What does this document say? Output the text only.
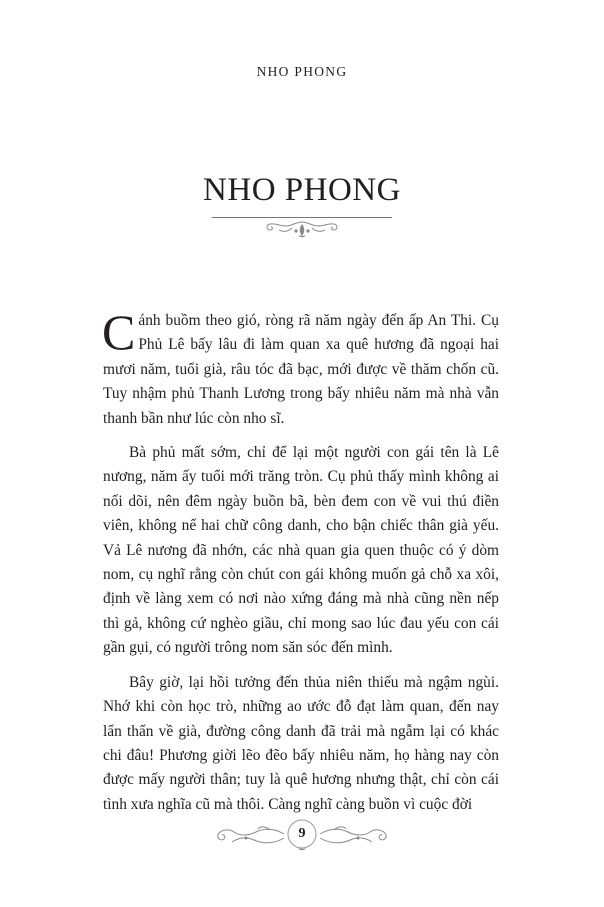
NHO PHONG
NHO PHONG

Cánh buồm theo gió, ròng rã năm ngày đến ấp An Thi. Cụ Phủ Lê bấy lâu đi làm quan xa quê hương đã ngoại hai mươi năm, tuổi già, râu tóc đã bạc, mới được về thăm chốn cũ. Tuy nhậm phủ Thanh Lương trong bấy nhiêu năm mà nhà vẫn thanh bần như lúc còn nho sĩ.

Bà phủ mất sớm, chỉ để lại một người con gái tên là Lê nương, năm ấy tuổi mới trăng tròn. Cụ phủ thấy mình không ai nối dõi, nên đêm ngày buồn bã, bèn đem con về vui thú điền viên, không nể hai chữ công danh, cho bận chiếc thân già yếu. Vả Lê nương đã nhớn, các nhà quan gia quen thuộc có ý dòm nom, cụ nghĩ rằng còn chút con gái không muốn gả chỗ xa xôi, định về làng xem có nơi nào xứng đáng mà nhà cũng nền nếp thì gả, không cứ nghèo giầu, chỉ mong sao lúc đau yếu con cái gần gụi, có người trông nom săn sóc đến mình.

Bây giờ, lại hồi tưởng đến thủa niên thiếu mà ngậm ngùi. Nhớ khi còn học trò, những ao ước đỗ đạt làm quan, đến nay lẩn thẩn về già, đường công danh đã trải mà ngẫm lại có khác chi đâu! Phương giời lẽo đẽo bấy nhiêu năm, họ hàng nay còn được mấy người thân; tuy là quê hương nhưng thật, chỉ còn cái tình xưa nghĩa cũ mà thôi. Càng nghĩ càng buồn vì cuộc đời

9
